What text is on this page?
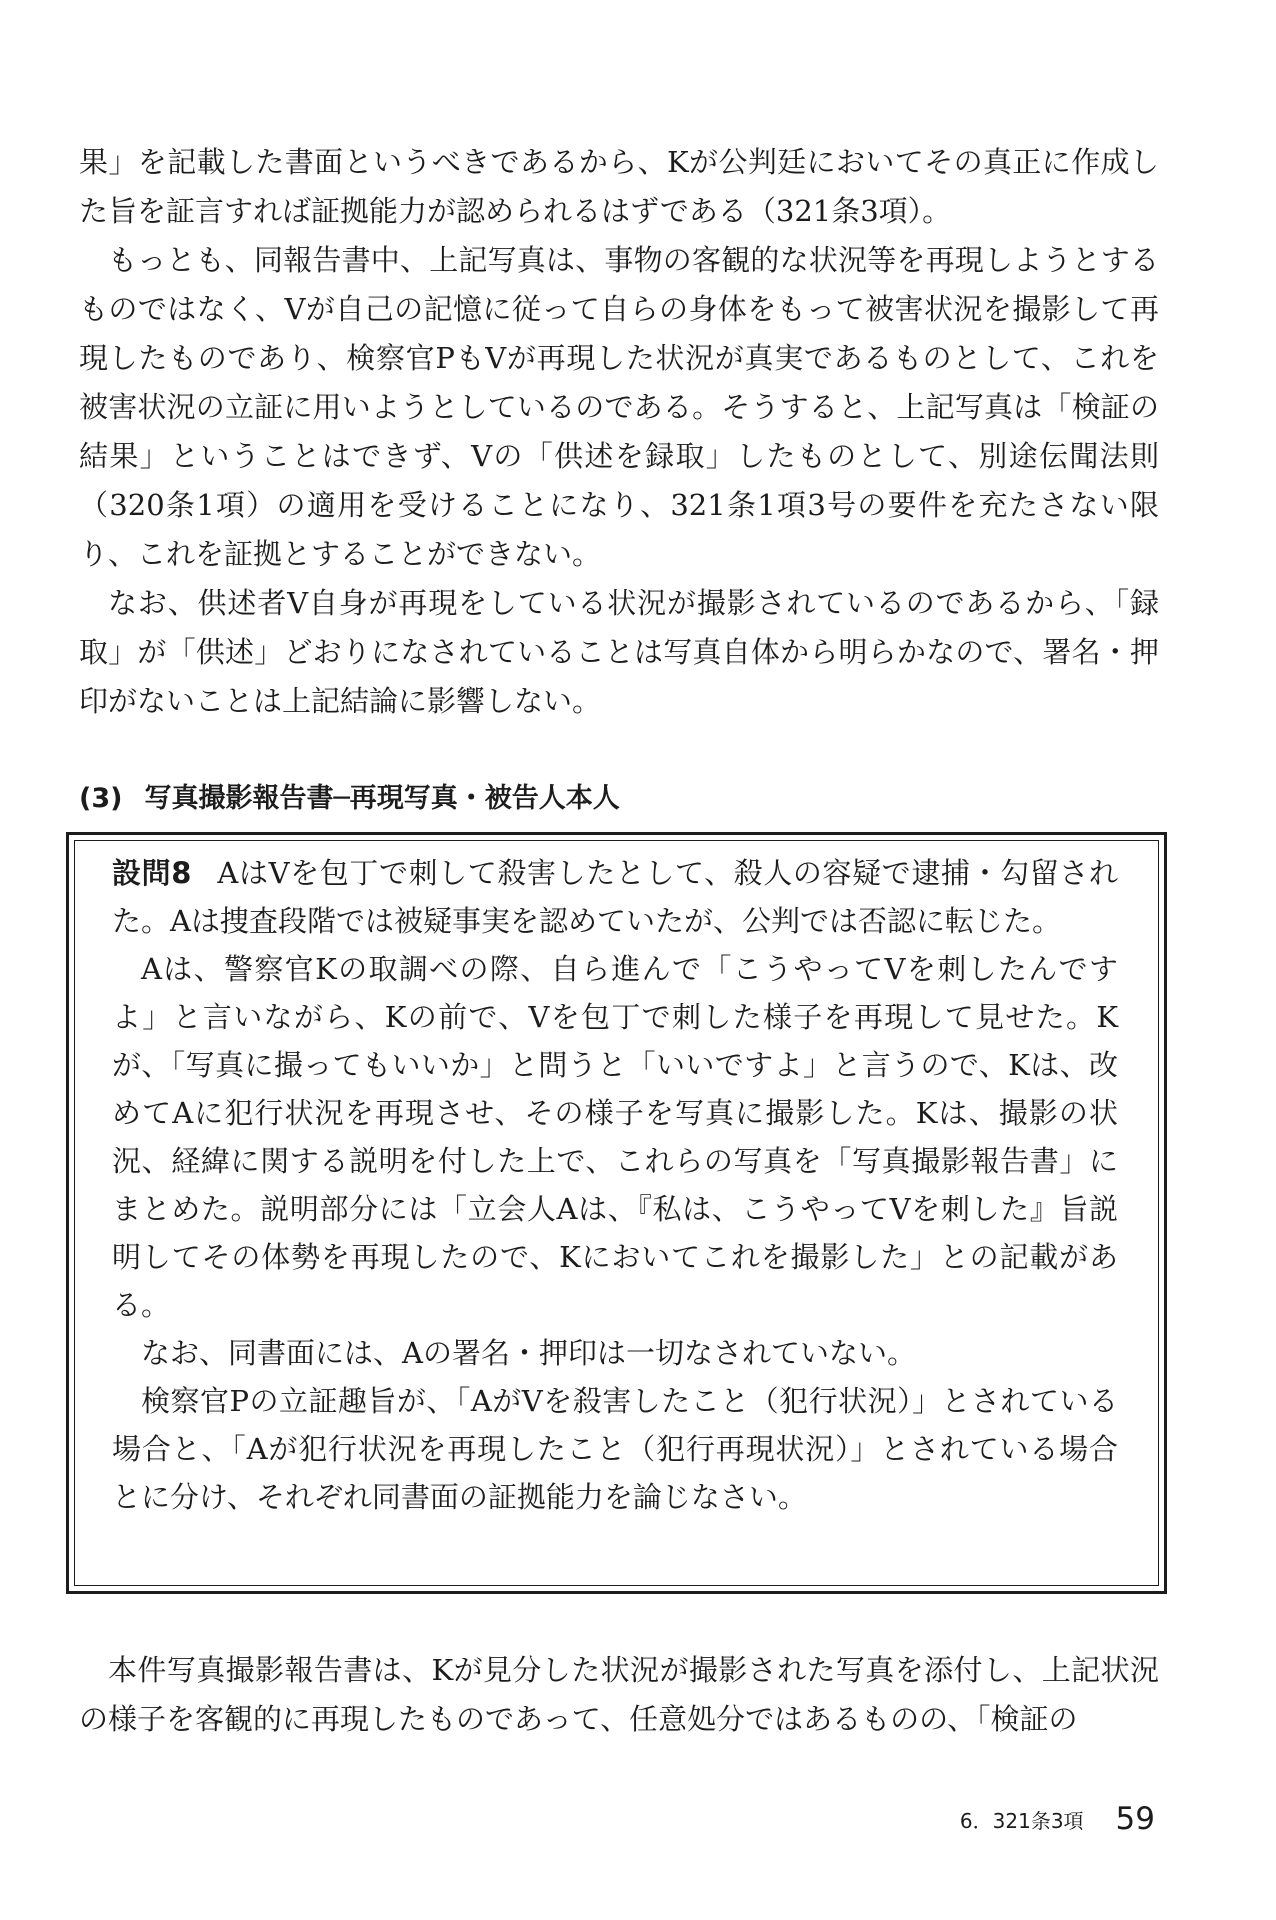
果」を記載した書面というべきであるから、Kが公判廷においてその真正に作成した旨を証言すれば証拠能力が認められるはずである（321条3項）。

もっとも、同報告書中、上記写真は、事物の客観的な状況等を再現しようとするものではなく、Vが自己の記憶に従って自らの身体をもって被害状況を撮影して再現したものであり、検察官PもVが再現した状況が真実であるものとして、これを被害状況の立証に用いようとしているのである。そうすると、上記写真は「検証の結果」ということはできず、Vの「供述を録取」したものとして、別途伝聞法則（320条1項）の適用を受けることになり、321条1項3号の要件を充たさない限り、これを証拠とすることができない。

なお、供述者V自身が再現をしている状況が撮影されているのであるから、「録取」が「供述」どおりになされていることは写真自体から明らかなので、署名・押印がないことは上記結論に影響しない。

(3) 写真撮影報告書─再現写真・被告人本人

設問8 AはVを包丁で刺して殺害したとして、殺人の容疑で逮捕・勾留された。Aは捜査段階では被疑事実を認めていたが、公判では否認に転じた。

Aは、警察官Kの取調べの際、自ら進んで「こうやってVを刺したんですよ」と言いながら、Kの前で、Vを包丁で刺した様子を再現して見せた。Kが、「写真に撮ってもいいか」と問うと「いいですよ」と言うので、Kは、改めてAに犯行状況を再現させ、その様子を写真に撮影した。Kは、撮影の状況、経緯に関する説明を付した上で、これらの写真を「写真撮影報告書」にまとめた。説明部分には「立会人Aは、『私は、こうやってVを刺した』旨説明してその体勢を再現したので、Kにおいてこれを撮影した」との記載がある。

なお、同書面には、Aの署名・押印は一切なされていない。

検察官Pの立証趣旨が、「AがVを殺害したこと（犯行状況）」とされている場合と、「Aが犯行状況を再現したこと（犯行再現状況）」とされている場合とに分け、それぞれ同書面の証拠能力を論じなさい。

本件写真撮影報告書は、Kが見分した状況が撮影された写真を添付し、上記状況の様子を客観的に再現したものであって、任意処分ではあるものの、「検証の

6．321条3項 59
